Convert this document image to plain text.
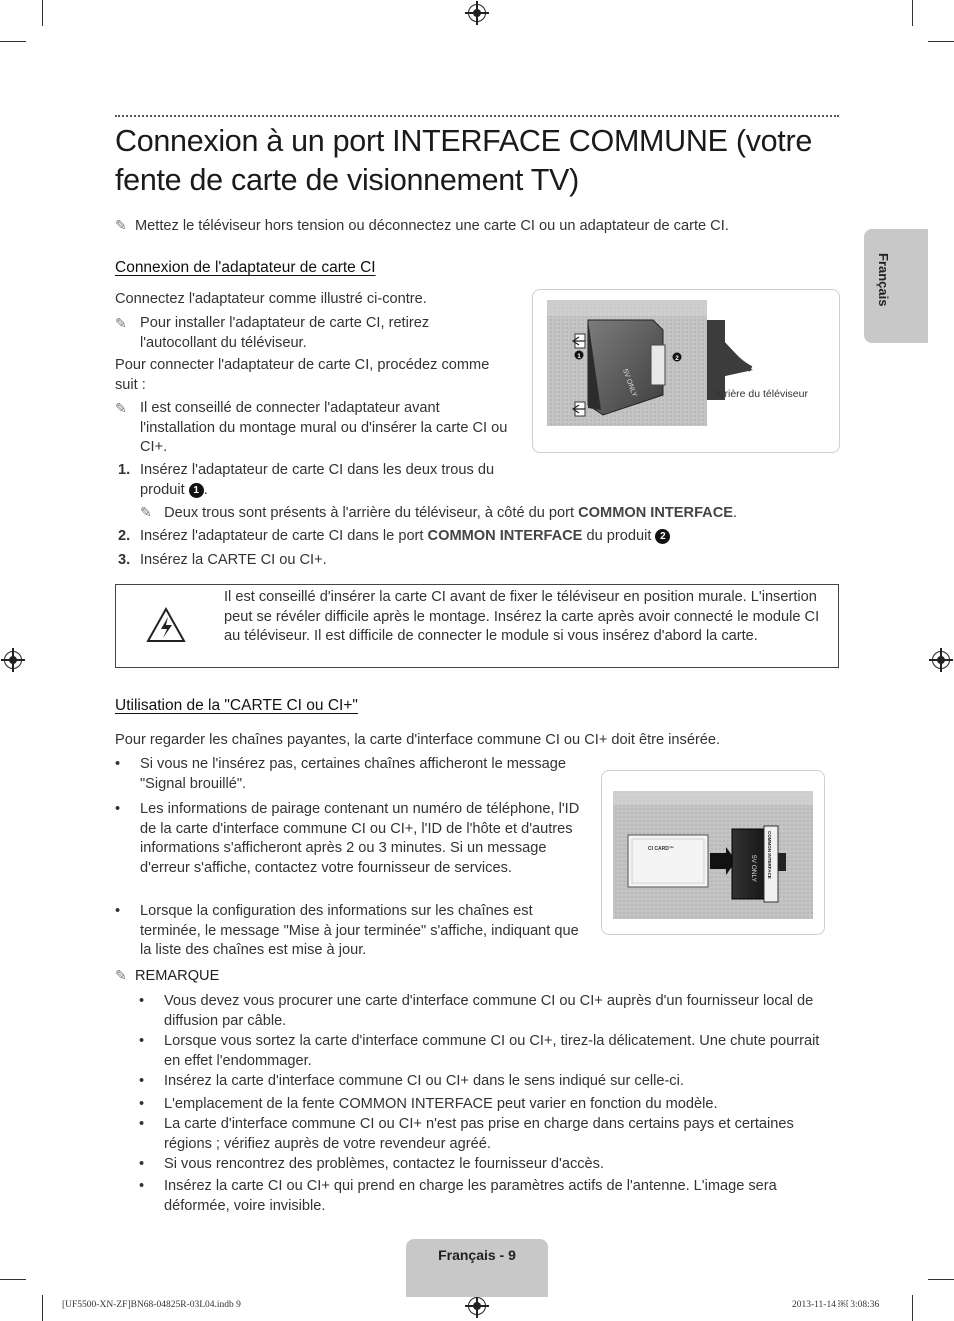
Français
Connexion à un port INTERFACE COMMUNE (votre fente de carte de visionnement TV)
✎ Mettez le téléviseur hors tension ou déconnectez une carte CI ou un adaptateur de carte CI.
Connexion de l'adaptateur de carte CI
Connectez l'adaptateur comme illustré ci-contre.
✎ Pour installer l'adaptateur de carte CI, retirez l'autocollant du téléviseur.
Pour connecter l'adaptateur de carte CI, procédez comme suit :
✎ Il est conseillé de connecter l'adaptateur avant l'installation du montage mural ou d'insérer la carte CI ou CI+.
1. Insérez l'adaptateur de carte CI dans les deux trous du produit 1 .
✎ Deux trous sont présents à l'arrière du téléviseur, à côté du port COMMON INTERFACE.
2. Insérez l'adaptateur de carte CI dans le port COMMON INTERFACE du produit 2
3. Insérez la CARTE CI ou CI+.
1	2
5V ONLY	Arrière du téléviseur
Il est conseillé d'insérer la carte CI avant de fixer le téléviseur en position murale. L'insertion peut se révéler difficile après le montage. Insérez la carte après avoir connecté le module CI au téléviseur. Il est difficile de connecter le module si vous insérez d'abord la carte.
Utilisation de la "CARTE CI ou CI+"
Pour regarder les chaînes payantes, la carte d'interface commune CI ou CI+ doit être insérée.
• Si vous ne l'insérez pas, certaines chaînes afficheront le message "Signal brouillé".
• Les informations de pairage contenant un numéro de téléphone, l'ID de la carte d'interface commune CI ou CI+, l'ID de l'hôte et d'autres informations s'afficheront après 2 ou 3 minutes. Si un message d'erreur s'affiche, contactez votre fournisseur de services.
• Lorsque la configuration des informations sur les chaînes est terminée, le message "Mise à jour terminée" s'affiche, indiquant que la liste des chaînes est mise à jour.
CI CARD™
5V ONLY COMMON INTERFACE
✎ REMARQUE
• Vous devez vous procurer une carte d'interface commune CI ou CI+ auprès d'un fournisseur local de diffusion par câble.
• Lorsque vous sortez la carte d'interface commune CI ou CI+, tirez-la délicatement. Une chute pourrait en effet l'endommager.
• Insérez la carte d'interface commune CI ou CI+ dans le sens indiqué sur celle-ci.
• L'emplacement de la fente COMMON INTERFACE peut varier en fonction du modèle.
• La carte d'interface commune CI ou CI+ n'est pas prise en charge dans certains pays et certaines régions ; vérifiez auprès de votre revendeur agréé.
• Si vous rencontrez des problèmes, contactez le fournisseur d'accès.
• Insérez la carte CI ou CI+ qui prend en charge les paramètres actifs de l'antenne. L'image sera déformée, voire invisible.
Français - 9
[UF5500-XN-ZF]BN68-04825R-03L04.indb 9	2013-11-14 ￼ 3:08:36
